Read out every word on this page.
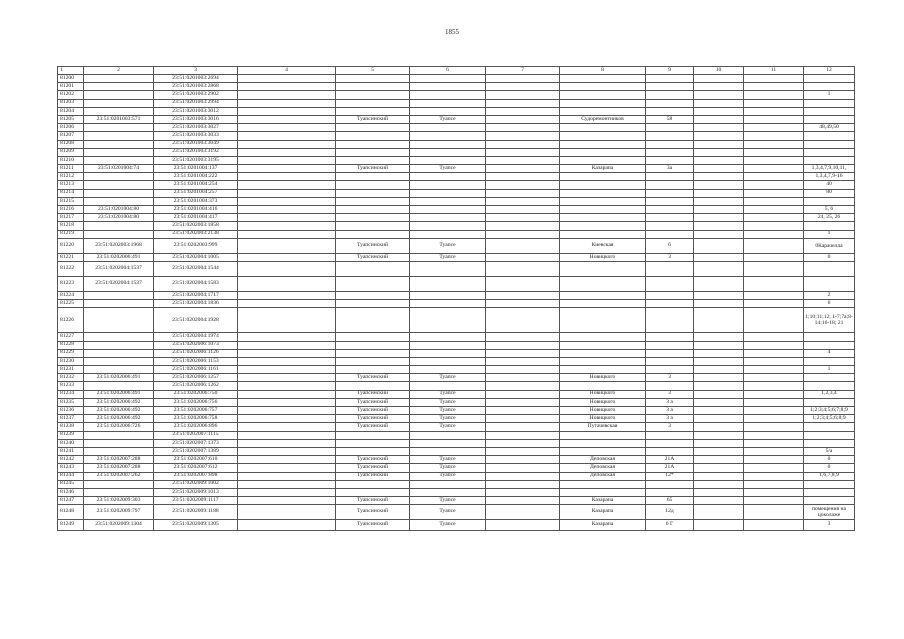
1855
1	2	3	4	5	6	7	8	9	10	11	12
81200		23:51:0201003:2694									
81201		23:51:0201003:2868									
81202		23:51:0201003:2902									1
81203		23:51:0201003:2994									
81204		23:51:0201003:3012									
81205	23:51:0201003:571	23:51:0201003:3016		Туапсинский	Туапсе		Судоремонтников	58			
81206		23:51:0201003:3027									48,49,50
81207		23:51:0201003:3033									
81208		23:51:0201003:3049									
81209		23:51:0201003:3192									
81210		23:51:0201003:3195									
81211	23:51:0201004:74	23:51:0201004:137		Туапсинский	Туапсе		Казарапа	3а			1,3,4,7,9,10,11,
81212		23:51:0201004:222									1,3,4,7,9-16
81213		23:51:0201004:254									40
81214		23:51:0201004:257									80
81215		23:51:0201004:373									
81216	23:51:0201004:80	23:51:0201004:416									5, 6
81217	23:51:0201004:80	23:51:0201004:417									24, 25, 26
81218		23:51:0202003:1858									
81219		23:51:0202003:2138									1
81220	23:51:0202003:1968	23:51:0202003:999		Туапсинский	Туапсе		Киевская	6			0Карачелла
81221	23:51:0202006:491	23:51:0202004:1005		Туапсинский	Туапсе		Новицкого	3			0
81222	23:51:0202004:1537	23:51:0202004:1544									
81223	23:51:0202004:1537	23:51:0202004:1583									
81224		23:51:0202004:1717									2
81225		23:51:0202004:1836									6
81226		23:51:0202004:1928									1;10;11;12; 1-7;7а;8-14;16-18; 21
81227		23:51:0202004:1974									
81228		23:51:0202006:1073									
81229		23:51:0202006:1126									4
81230		23:51:0202006:1153									
81231		23:51:0202006:1161									1
81232	23:51:0202006:491	23:51:0202006:1257		Туапсинский	Туапсе		Новицкого	3			
81233		23:51:0202006:1262									
81234	23:51:0202006:491	23:51:0202006:750		Туапсинский	Туапсе		Новицкого	3			1,2,3,4
81235	23:51:0202006:492	23:51:0202006:756		Туапсинский	Туапсе		Новицкого	3 а			
81236	23:51:0202006:492	23:51:0202006:757		Туапсинский	Туапсе		Новицкого	3 а			1;2;3;4;5;6;7;8;9
81237	23:51:0202006:492	23:51:0202006:758		Туапсинский	Туапсе		Новицкого	3 а			1;2;3;4;5;6;8;9
81238	23:51:0202006:726	23:51:0202006:896		Туапсинский	Туапсе		Путачевская	3			
81239		23:51:0202007:1115									
81240		23:51:0202007:1373									
81241		23:51:0202007:1389									5/а
81242	23:51:0202007:288	23:51:0202007:610		Туапсинский	Туапсе		Деповская	21А			0
81243	23:51:0202007:288	23:51:0202007:612		Туапсинский	Туапсе		Деповская	21А			0
81244	23:51:0202007:262	23:51:0202007:898		Туапсинский	Туапсе		Деповская	12*			1,6,7,8,9
81245		23:51:0202009:1002									
81246		23:51:0202009:1013									
81247	23:51:0202009:303	23:51:0202009:1117		Туапсинский	Туапсе		Казарапа	65			
81248	23:51:0202009:797	23:51:0202009:1188		Туапсинский	Туапсе		Казарапа	12д			помещения на цоколаже
81249	23:51:0202009:1304	23:51:0202009:1305		Туапсинский	Туапсе		Казарапа	6 Г			3
